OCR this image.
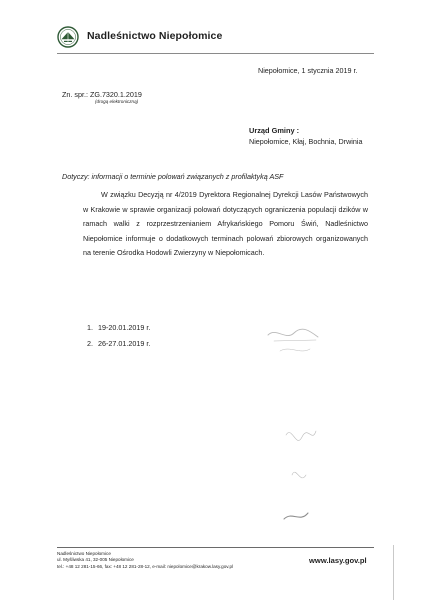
Nadleśnictwo Niepołomice
Niepołomice, 1 stycznia 2019 r.
Zn. spr.: ZG.7320.1.2019
(drogą elektroniczną)
Urząd Gminy :
Niepołomice, Kłaj, Bochnia, Drwinia
Dotyczy: informacji o terminie polowań związanych z profilaktyką ASF
W związku Decyzją nr 4/2019 Dyrektora Regionalnej Dyrekcji Lasów Państwowych w Krakowie w sprawie organizacji polowań dotyczących ograniczenia populacji dzików w ramach walki z rozprzestrzenianiem Afrykańskiego Pomoru Świń, Nadleśnictwo Niepołomice informuje o dodatkowych terminach polowań zbiorowych organizowanych na terenie Ośrodka Hodowli Zwierzyny w Niepołomicach.
1. 19-20.01.2019 r.
2. 26-27.01.2019 r.
Nadleśnictwo Niepołomice
ul. Myśliwska 41, 32-005 Niepołomice
tel.: +48 12 281-15-66, fax: +48 12 281-28-12, e-mail: niepolomice@krakow.lasy.gov.pl
www.lasy.gov.pl
